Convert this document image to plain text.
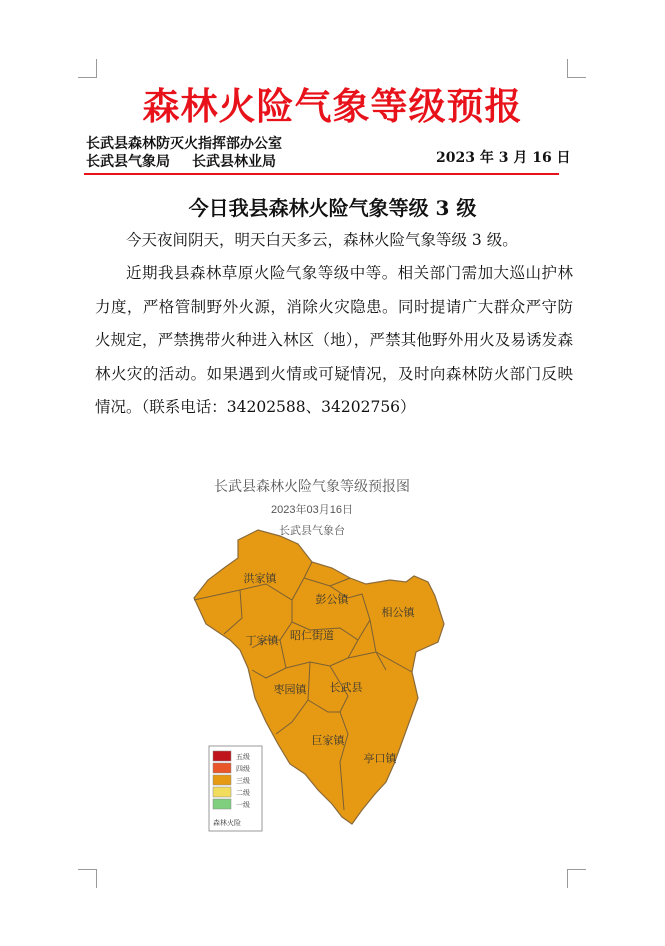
森林火险气象等级预报
长武县森林防灭火指挥部办公室
长武县气象局 长武县林业局	2023 年 3 月 16 日
今日我县森林火险气象等级 3 级

今天夜间阴天，明天白天多云，森林火险气象等级 3 级。

近期我县森林草原火险气象等级中等。相关部门需加大巡山护林力度，严格管制野外火源，消除火灾隐患。同时提请广大群众严守防火规定，严禁携带火种进入林区（地），严禁其他野外用火及易诱发森林火灾的活动。如果遇到火情或可疑情况，及时向森林防火部门反映情况。（联系电话：34202588、34202756）

长武县森林火险气象等级预报图
2023年03月16日
长武县气象台
洪家镇
彭公镇
相公镇
丁家镇 昭仁街道
枣园镇 长武县
巨家镇
亭口镇
五级
四级
三级
二级
一级
森林火险
